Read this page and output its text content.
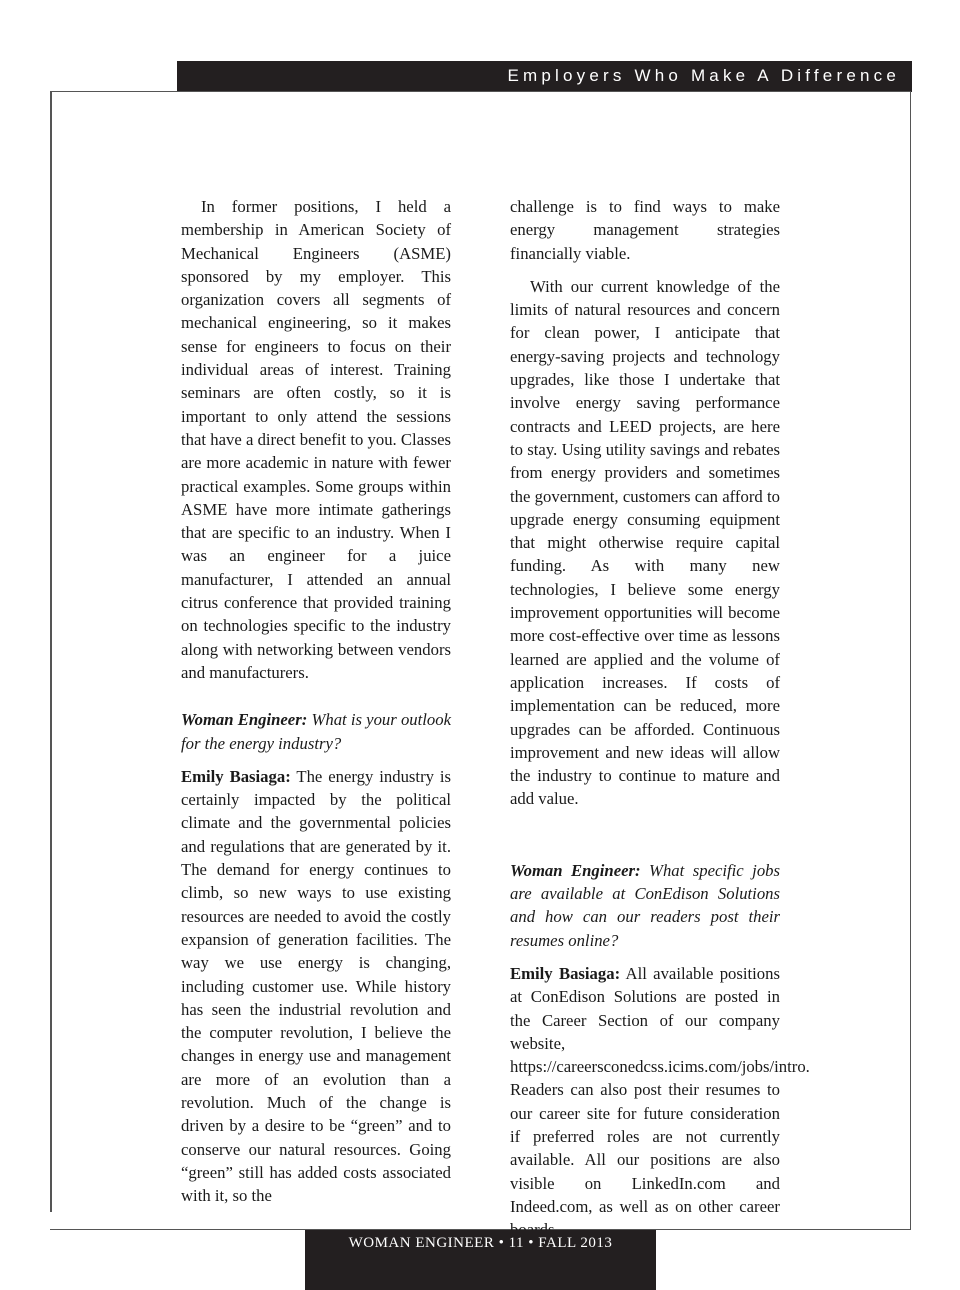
Employers Who Make A Difference

In former positions, I held a membership in American Society of Mechanical Engineers (ASME) sponsored by my employer. This organization covers all segments of mechanical engineering, so it makes sense for engineers to focus on their individual areas of interest. Training seminars are often costly, so it is important to only attend the sessions that have a direct benefit to you. Classes are more academic in nature with fewer practical examples. Some groups within ASME have more intimate gatherings that are specific to an industry. When I was an engineer for a juice manufacturer, I attended an annual citrus conference that provided training on technologies specific to the industry along with networking between vendors and manufacturers.

Woman Engineer: What is your outlook for the energy industry?

Emily Basiaga: The energy industry is certainly impacted by the political climate and the governmental policies and regulations that are generated by it. The demand for energy continues to climb, so new ways to use existing resources are needed to avoid the costly expansion of generation facilities. The way we use energy is changing, including customer use. While history has seen the industrial revolution and the computer revolution, I believe the changes in energy use and management are more of an evolution than a revolution. Much of the change is driven by a desire to be “green” and to conserve our natural resources. Going “green” still has added costs associated with it, so the

challenge is to find ways to make energy management strategies financially viable.

With our current knowledge of the limits of natural resources and concern for clean power, I anticipate that energy-saving projects and technology upgrades, like those I undertake that involve energy saving performance contracts and LEED projects, are here to stay. Using utility savings and rebates from energy providers and sometimes the government, customers can afford to upgrade energy consuming equipment that might otherwise require capital funding. As with many new technologies, I believe some energy improvement opportunities will become more cost-effective over time as lessons learned are applied and the volume of application increases. If costs of implementation can be reduced, more upgrades can be afforded. Continuous improvement and new ideas will allow the industry to continue to mature and add value.

Woman Engineer: What specific jobs are available at ConEdison Solutions and how can our readers post their resumes online?

Emily Basiaga: All available positions at ConEdison Solutions are posted in the Career Section of our company website, https://careersconedcss.icims.com/jobs/intro. Readers can also post their resumes to our career site for future consideration if preferred roles are not currently available. All our positions are also visible on LinkedIn.com and Indeed.com, as well as on other career

WOMAN ENGINEER • 11 • FALL 2013
